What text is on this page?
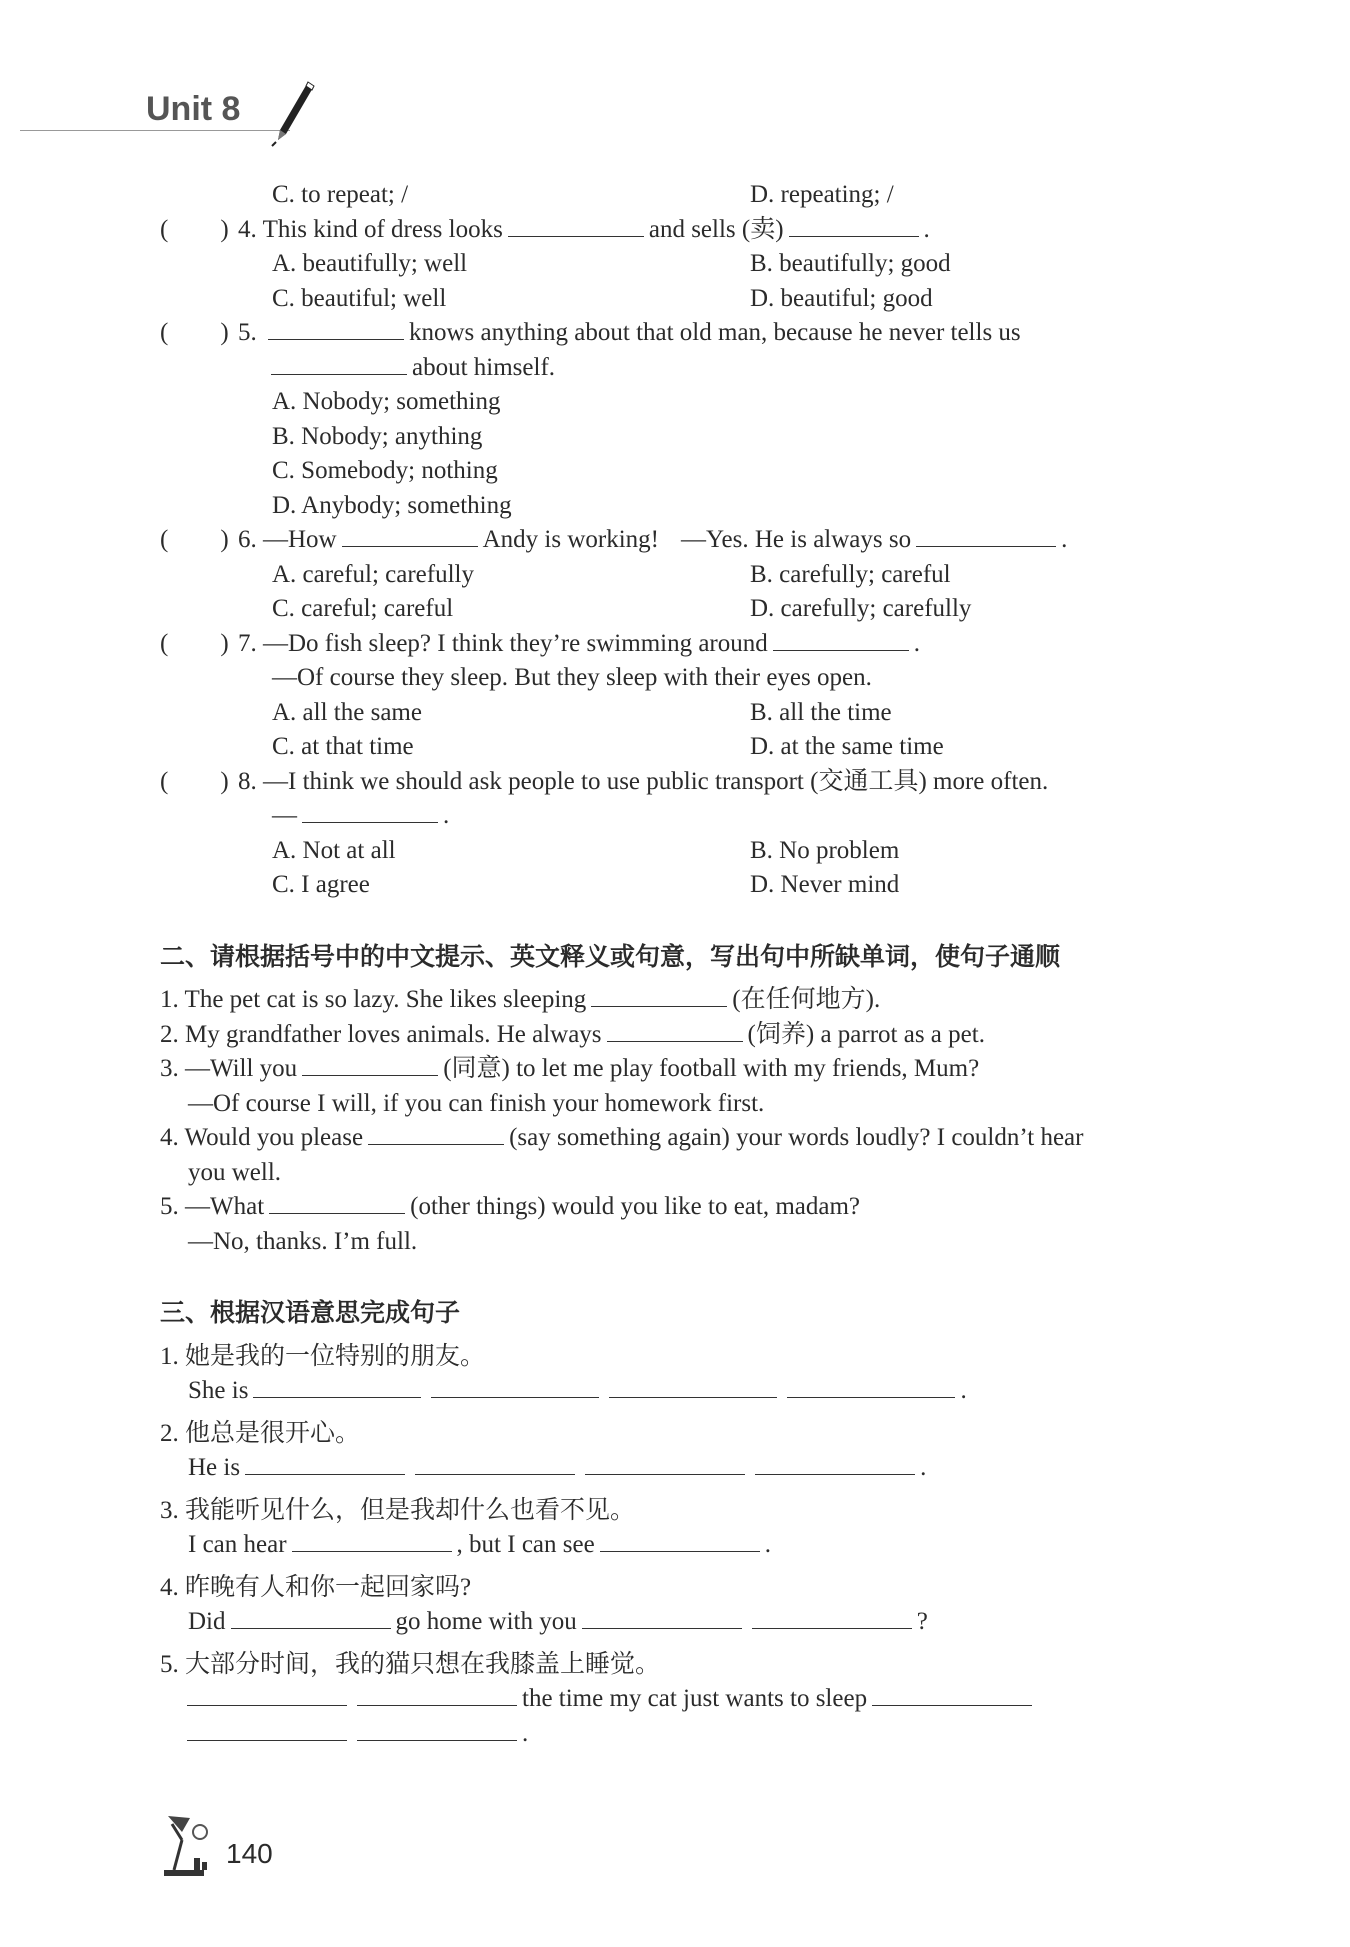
Unit 8
C. to repeat; /	D. repeating; /
( ) 4. This kind of dress looks	and sells (卖)	.
A. beautifully; well	B. beautifully; good
C. beautiful; well	D. beautiful; good
( ) 5.	knows anything about that old man, because he never tells us
about himself.
A. Nobody; something
B. Nobody; anything
C. Somebody; nothing
D. Anybody; something
( ) 6. —How	Andy is working! —Yes. He is always so	.
A. careful; carefully	B. carefully; careful
C. careful; careful	D. carefully; carefully
( ) 7. —Do fish sleep? I think they’re swimming around	.
—Of course they sleep. But they sleep with their eyes open.
A. all the same	B. all the time
C. at that time	D. at the same time
( ) 8. —I think we should ask people to use public transport (交通工具) more often.
—	.
A. Not at all	B. No problem
C. I agree	D. Never mind
二、请根据括号中的中文提示、英文释义或句意，写出句中所缺单词，使句子通顺
1. The pet cat is so lazy. She likes sleeping	(在任何地方).
2. My grandfather loves animals. He always	(饲养) a parrot as a pet.
3. —Will you	(同意) to let me play football with my friends, Mum?
—Of course I will, if you can finish your homework first.
4. Would you please	(say something again) your words loudly? I couldn’t hear
you well.
5. —What	(other things) would you like to eat, madam?
—No, thanks. I’m full.
三、根据汉语意思完成句子
1. 她是我的一位特别的朋友。
She is	.
2. 他总是很开心。
He is	.
3. 我能听见什么，但是我却什么也看不见。
I can hear	, but I can see	.
4. 昨晚有人和你一起回家吗?
Did	go home with you	?
5. 大部分时间，我的猫只想在我膝盖上睡觉。
the time my cat just wants to sleep
.
140
